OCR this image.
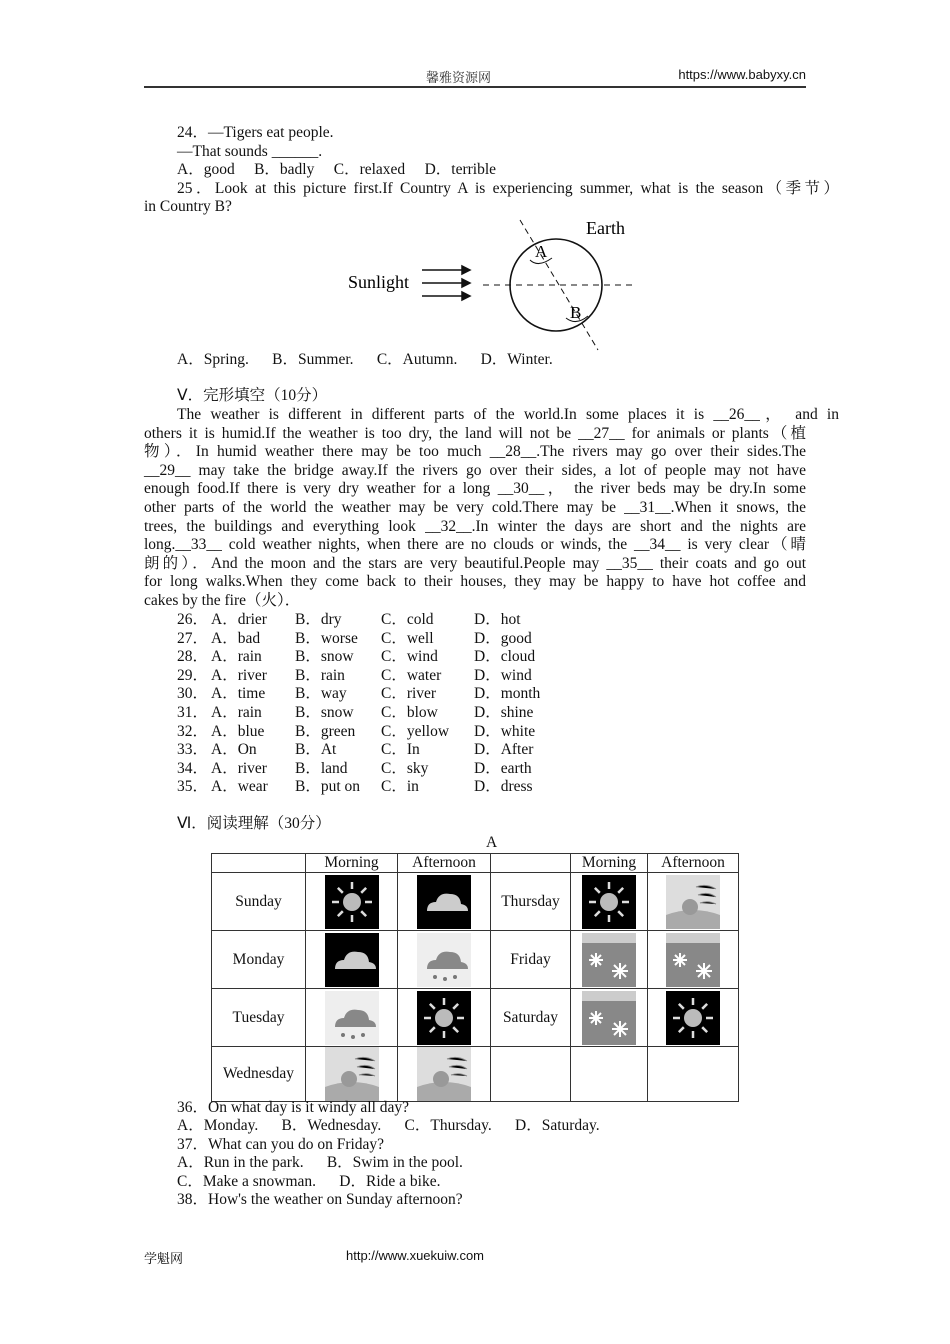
馨雅资源网	https://www.babyxy.cn
24．—Tigers eat people.
—That sounds ______.
A．good B．badly C．relaxed D．terrible
25．Look at this picture first.If Country A is experiencing summer, what is the season（季节）
in Country B?
Earth
Sunlight
A
B
A．Spring. B．Summer. C．Autumn. D．Winter.
Ⅴ．完形填空（10分）
The weather is different in different parts of the world.In some places it is __26__， and in
others it is humid.If the weather is too dry, the land will not be __27__ for animals or plants（植
物）．In humid weather there may be too much __28__.The rivers may go over their sides.The
__29__ may take the bridge away.If the rivers go over their sides, a lot of people may not have
enough food.If there is very dry weather for a long __30__， the river beds may be dry.In some
other parts of the world the weather may be very cold.There may be __31__.When it snows, the
trees, the buildings and everything look __32__.In winter the days are short and the nights are
long.__33__ cold weather nights, when there are no clouds or winds, the __34__ is very clear（晴
朗的）．And the moon and the stars are very beautiful.People may __35__ their coats and go out
for long walks.When they come back to their houses, they may be happy to have hot coffee and
cakes by the fire（火）．
26． A．drier B．dry	C．cold	D．hot
27． A．bad B．worse C．well	D．good
28． A．rain B．snow C．wind D．cloud
29． A．river B．rain C．water D．wind
30． A．time B．way C．river D．month
31． A．rain B．snow C．blow D．shine
32． A．blue B．green C．yellow D．white
33． A．On B．At	C．In	D．After
34． A．river B．land C．sky	D．earth
35． A．wear B．put on C．in	D．dress
Ⅵ．阅读理解（30分）
A
	Morning	Afternoon		Morning	Afternoon
Sunday			Thursday		
Monday			Friday		
Tuesday			Saturday		
Wednesday					
36．On what day is it windy all day?
A．Monday. B．Wednesday. C．Thursday. D．Saturday.
37．What can you do on Friday?
A．Run in the park. B．Swim in the pool.
C．Make a snowman. D．Ride a bike.
38．How's the weather on Sunday afternoon?
学魁网	http://www.xuekuiw.com
